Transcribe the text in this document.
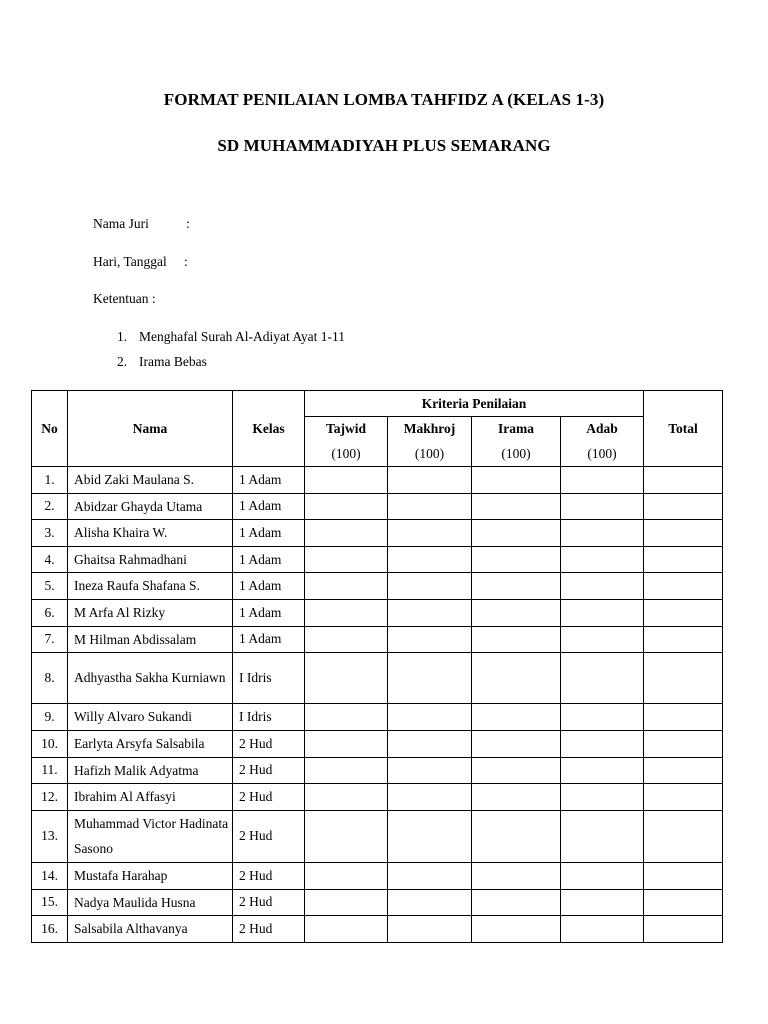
FORMAT PENILAIAN LOMBA TAHFIDZ A (KELAS 1-3)
SD MUHAMMADIYAH PLUS SEMARANG
Nama Juri	:
Hari, Tanggal :
Ketentuan :
1. Menghafal Surah Al-Adiyat Ayat 1-11
2. Irama Bebas
No	Nama	Kelas	Kriteria Penilaian				Total
			Tajwid	Makhroj	Irama	Adab	
			(100)	(100)	(100)	(100)	
1.	Abid Zaki Maulana S.	1 Adam					
2.	Abidzar Ghayda Utama	1 Adam					
3.	Alisha Khaira W.	1 Adam					
4.	Ghaitsa Rahmadhani	1 Adam					
5.	Ineza Raufa Shafana S.	1 Adam					
6.	M Arfa Al Rizky	1 Adam					
7.	M Hilman Abdissalam	1 Adam					
8.	Adhyastha Sakha Kurniawn	I Idris					
9.	Willy Alvaro Sukandi	I Idris					
10.	Earlyta Arsyfa Salsabila	2 Hud					
11.	Hafizh Malik Adyatma	2 Hud					
12.	Ibrahim Al Affasyi	2 Hud					
13.	Muhammad Victor Hadinata Sasono	2 Hud					
14.	Mustafa Harahap	2 Hud					
15.	Nadya Maulida Husna	2 Hud					
16.	Salsabila Althavanya	2 Hud					
